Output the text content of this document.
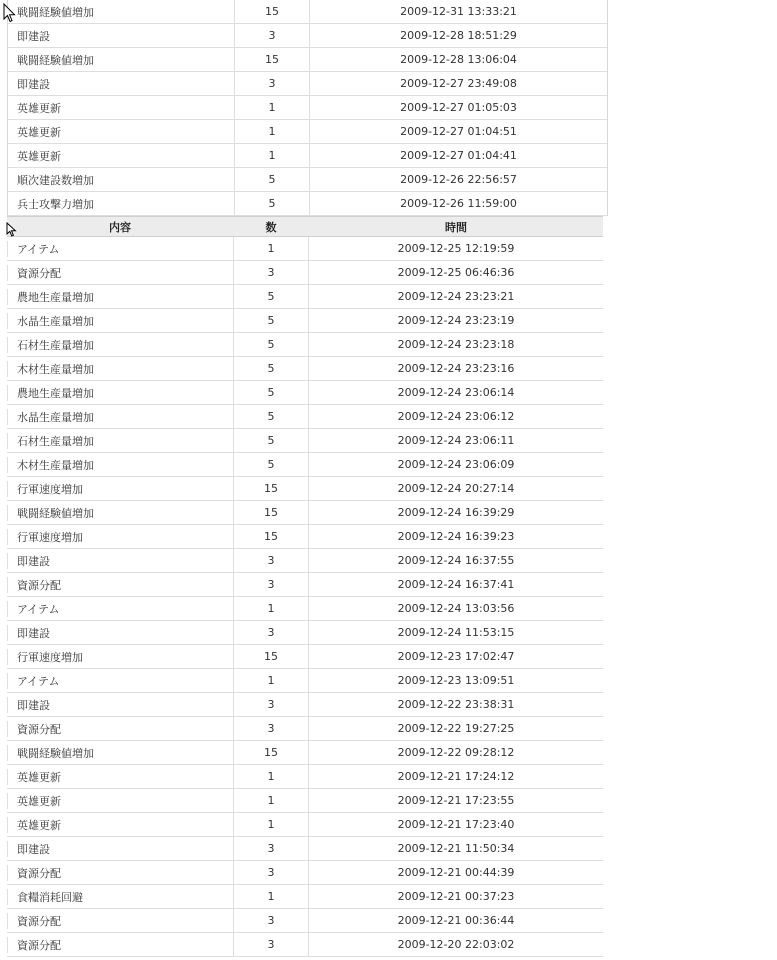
戦闘経験値増加	15	2009-12-31 13:33:21
即建設	3	2009-12-28 18:51:29
戦闘経験値増加	15	2009-12-28 13:06:04
即建設	3	2009-12-27 23:49:08
英雄更新	1	2009-12-27 01:05:03
英雄更新	1	2009-12-27 01:04:51
英雄更新	1	2009-12-27 01:04:41
順次建設数増加	5	2009-12-26 22:56:57
兵士攻撃力増加	5	2009-12-26 11:59:00
内容	数	時間
アイテム	1	2009-12-25 12:19:59
資源分配	3	2009-12-25 06:46:36
農地生産量増加	5	2009-12-24 23:23:21
水晶生産量増加	5	2009-12-24 23:23:19
石材生産量増加	5	2009-12-24 23:23:18
木材生産量増加	5	2009-12-24 23:23:16
農地生産量増加	5	2009-12-24 23:06:14
水晶生産量増加	5	2009-12-24 23:06:12
石材生産量増加	5	2009-12-24 23:06:11
木材生産量増加	5	2009-12-24 23:06:09
行軍速度増加	15	2009-12-24 20:27:14
戦闘経験値増加	15	2009-12-24 16:39:29
行軍速度増加	15	2009-12-24 16:39:23
即建設	3	2009-12-24 16:37:55
資源分配	3	2009-12-24 16:37:41
アイテム	1	2009-12-24 13:03:56
即建設	3	2009-12-24 11:53:15
行軍速度増加	15	2009-12-23 17:02:47
アイテム	1	2009-12-23 13:09:51
即建設	3	2009-12-22 23:38:31
資源分配	3	2009-12-22 19:27:25
戦闘経験値増加	15	2009-12-22 09:28:12
英雄更新	1	2009-12-21 17:24:12
英雄更新	1	2009-12-21 17:23:55
英雄更新	1	2009-12-21 17:23:40
即建設	3	2009-12-21 11:50:34
資源分配	3	2009-12-21 00:44:39
食糧消耗回避	1	2009-12-21 00:37:23
資源分配	3	2009-12-21 00:36:44
資源分配	3	2009-12-20 22:03:02
